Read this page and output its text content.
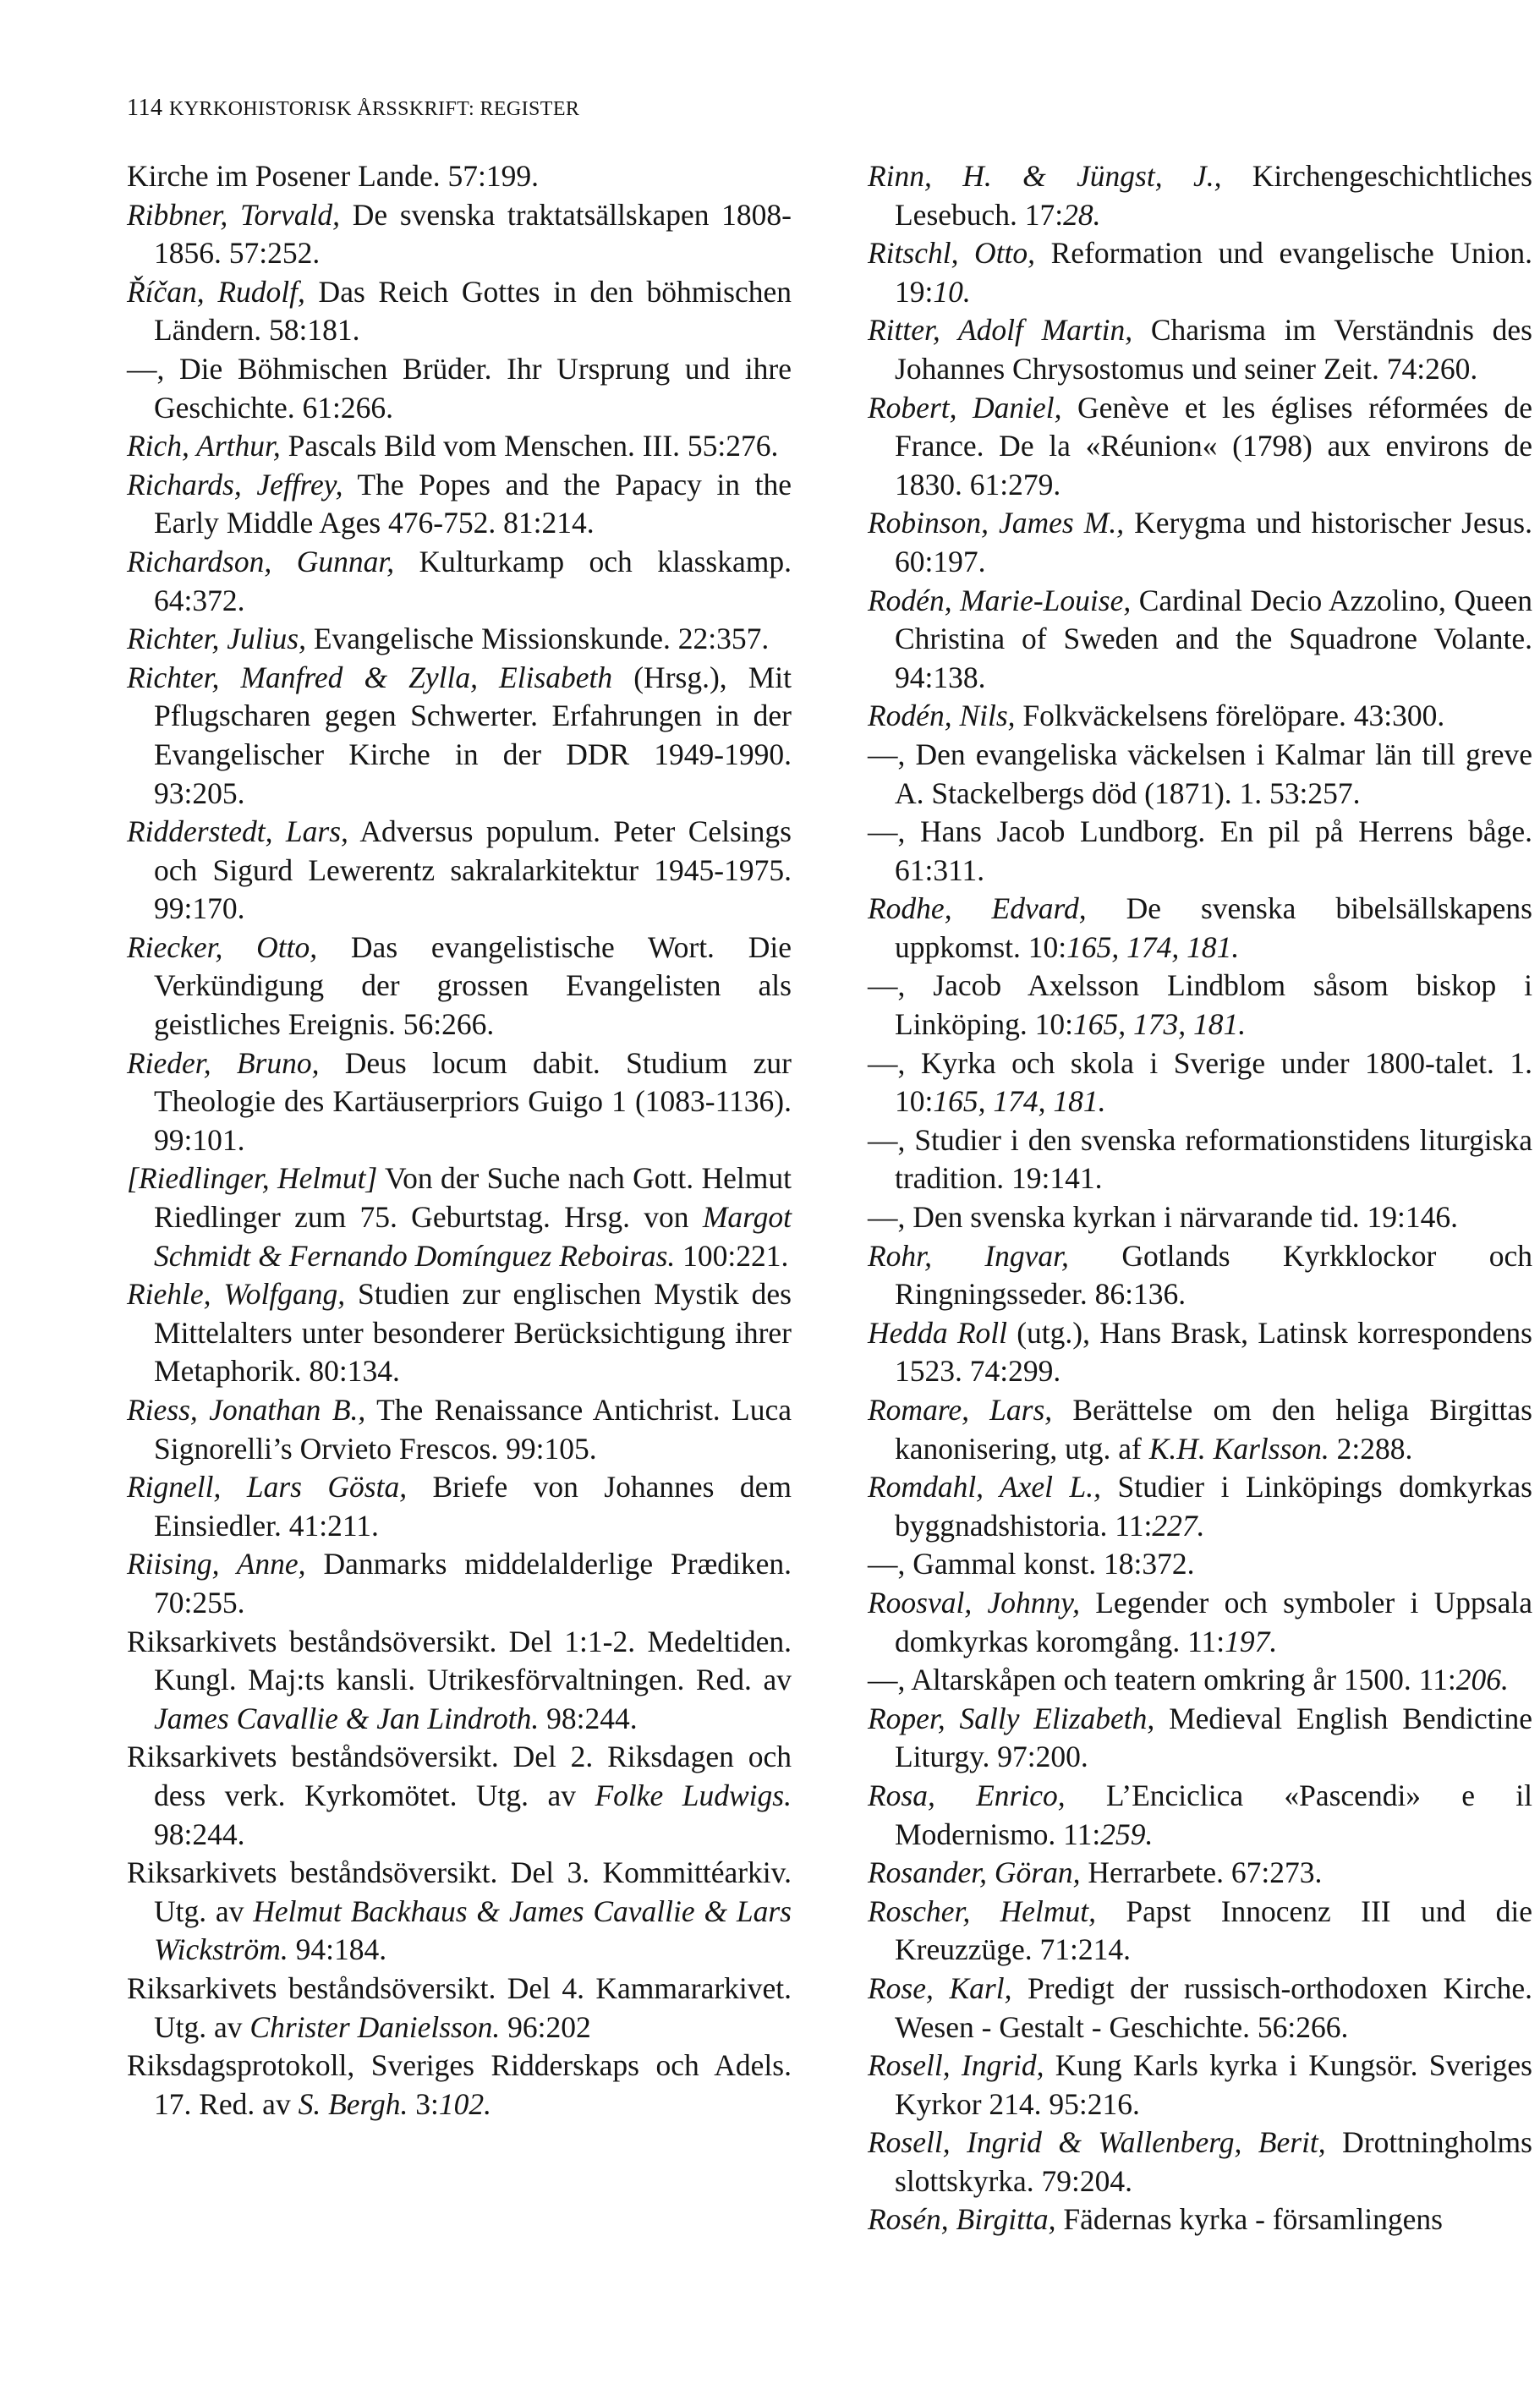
114 KYRKOHISTORISK ÅRSSKRIFT: REGISTER

Kirche im Posener Lande. 57:199.

Ribbner, Torvald, De svenska traktatsällskapen 1808-1856. 57:252.

Říčan, Rudolf, Das Reich Gottes in den böhmischen Ländern. 58:181.

—, Die Böhmischen Brüder. Ihr Ursprung und ihre Geschichte. 61:266.

Rich, Arthur, Pascals Bild vom Menschen. III. 55:276.

Richards, Jeffrey, The Popes and the Papacy in the Early Middle Ages 476-752. 81:214.

Richardson, Gunnar, Kulturkamp och klasskamp. 64:372.

Richter, Julius, Evangelische Missionskunde. 22:357.

Richter, Manfred & Zylla, Elisabeth (Hrsg.), Mit Pflugscharen gegen Schwerter. Erfahrungen in der Evangelischer Kirche in der DDR 1949-1990. 93:205.

Ridderstedt, Lars, Adversus populum. Peter Celsings och Sigurd Lewerentz sakralarkitektur 1945-1975. 99:170.

Riecker, Otto, Das evangelistische Wort. Die Verkündigung der grossen Evangelisten als geistliches Ereignis. 56:266.

Rieder, Bruno, Deus locum dabit. Studium zur Theologie des Kartäuserpriors Guigo 1 (1083-1136). 99:101.

[Riedlinger, Helmut] Von der Suche nach Gott. Helmut Riedlinger zum 75. Geburtstag. Hrsg. von Margot Schmidt & Fernando Domínguez Reboiras. 100:221.

Riehle, Wolfgang, Studien zur englischen Mystik des Mittelalters unter besonderer Berücksichtigung ihrer Metaphorik. 80:134.

Riess, Jonathan B., The Renaissance Antichrist. Luca Signorelli’s Orvieto Frescos. 99:105.

Rignell, Lars Gösta, Briefe von Johannes dem Einsiedler. 41:211.

Riising, Anne, Danmarks middelalderlige Prædiken. 70:255.

Riksarkivets beståndsöversikt. Del 1:1-2. Medeltiden. Kungl. Maj:ts kansli. Utrikesförvaltningen. Red. av James Cavallie & Jan Lindroth. 98:244.

Riksarkivets beståndsöversikt. Del 2. Riksdagen och dess verk. Kyrkomötet. Utg. av Folke Ludwigs. 98:244.

Riksarkivets beståndsöversikt. Del 3. Kommittéarkiv. Utg. av Helmut Backhaus & James Cavallie & Lars Wickström. 94:184.

Riksarkivets beståndsöversikt. Del 4. Kammararkivet. Utg. av Christer Danielsson. 96:202

Riksdagsprotokoll, Sveriges Ridderskaps och Adels. 17. Red. av S. Bergh. 3:102.

Rinn, H. & Jüngst, J., Kirchengeschichtliches Lesebuch. 17:28.

Ritschl, Otto, Reformation und evangelische Union. 19:10.

Ritter, Adolf Martin, Charisma im Verständnis des Johannes Chrysostomus und seiner Zeit. 74:260.

Robert, Daniel, Genève et les églises réformées de France. De la «Réunion« (1798) aux environs de 1830. 61:279.

Robinson, James M., Kerygma und historischer Jesus. 60:197.

Rodén, Marie-Louise, Cardinal Decio Azzolino, Queen Christina of Sweden and the Squadrone Volante. 94:138.

Rodén, Nils, Folkväckelsens förelöpare. 43:300.

—, Den evangeliska väckelsen i Kalmar län till greve A. Stackelbergs död (1871). 1. 53:257.

—, Hans Jacob Lundborg. En pil på Herrens båge. 61:311.

Rodhe, Edvard, De svenska bibelsällskapens uppkomst. 10:165, 174, 181.

—, Jacob Axelsson Lindblom såsom biskop i Linköping. 10:165, 173, 181.

—, Kyrka och skola i Sverige under 1800-talet. 1. 10:165, 174, 181.

—, Studier i den svenska reformationstidens liturgiska tradition. 19:141.

—, Den svenska kyrkan i närvarande tid. 19:146.

Rohr, Ingvar, Gotlands Kyrkklockor och Ringningsseder. 86:136.

Hedda Roll (utg.), Hans Brask, Latinsk korrespondens 1523. 74:299.

Romare, Lars, Berättelse om den heliga Birgittas kanonisering, utg. af K.H. Karlsson. 2:288.

Romdahl, Axel L., Studier i Linköpings domkyrkas byggnadshistoria. 11:227.

—, Gammal konst. 18:372.

Roosval, Johnny, Legender och symboler i Uppsala domkyrkas koromgång. 11:197.

—, Altarskåpen och teatern omkring år 1500. 11:206.

Roper, Sally Elizabeth, Medieval English Bendictine Liturgy. 97:200.

Rosa, Enrico, L’Enciclica «Pascendi» e il Modernismo. 11:259.

Rosander, Göran, Herrarbete. 67:273.

Roscher, Helmut, Papst Innocenz III und die Kreuzzüge. 71:214.

Rose, Karl, Predigt der russisch-orthodoxen Kirche. Wesen - Gestalt - Geschichte. 56:266.

Rosell, Ingrid, Kung Karls kyrka i Kungsör. Sveriges Kyrkor 214. 95:216.

Rosell, Ingrid & Wallenberg, Berit, Drottningholms slottskyrka. 79:204.

Rosén, Birgitta, Fädernas kyrka - församlingens
